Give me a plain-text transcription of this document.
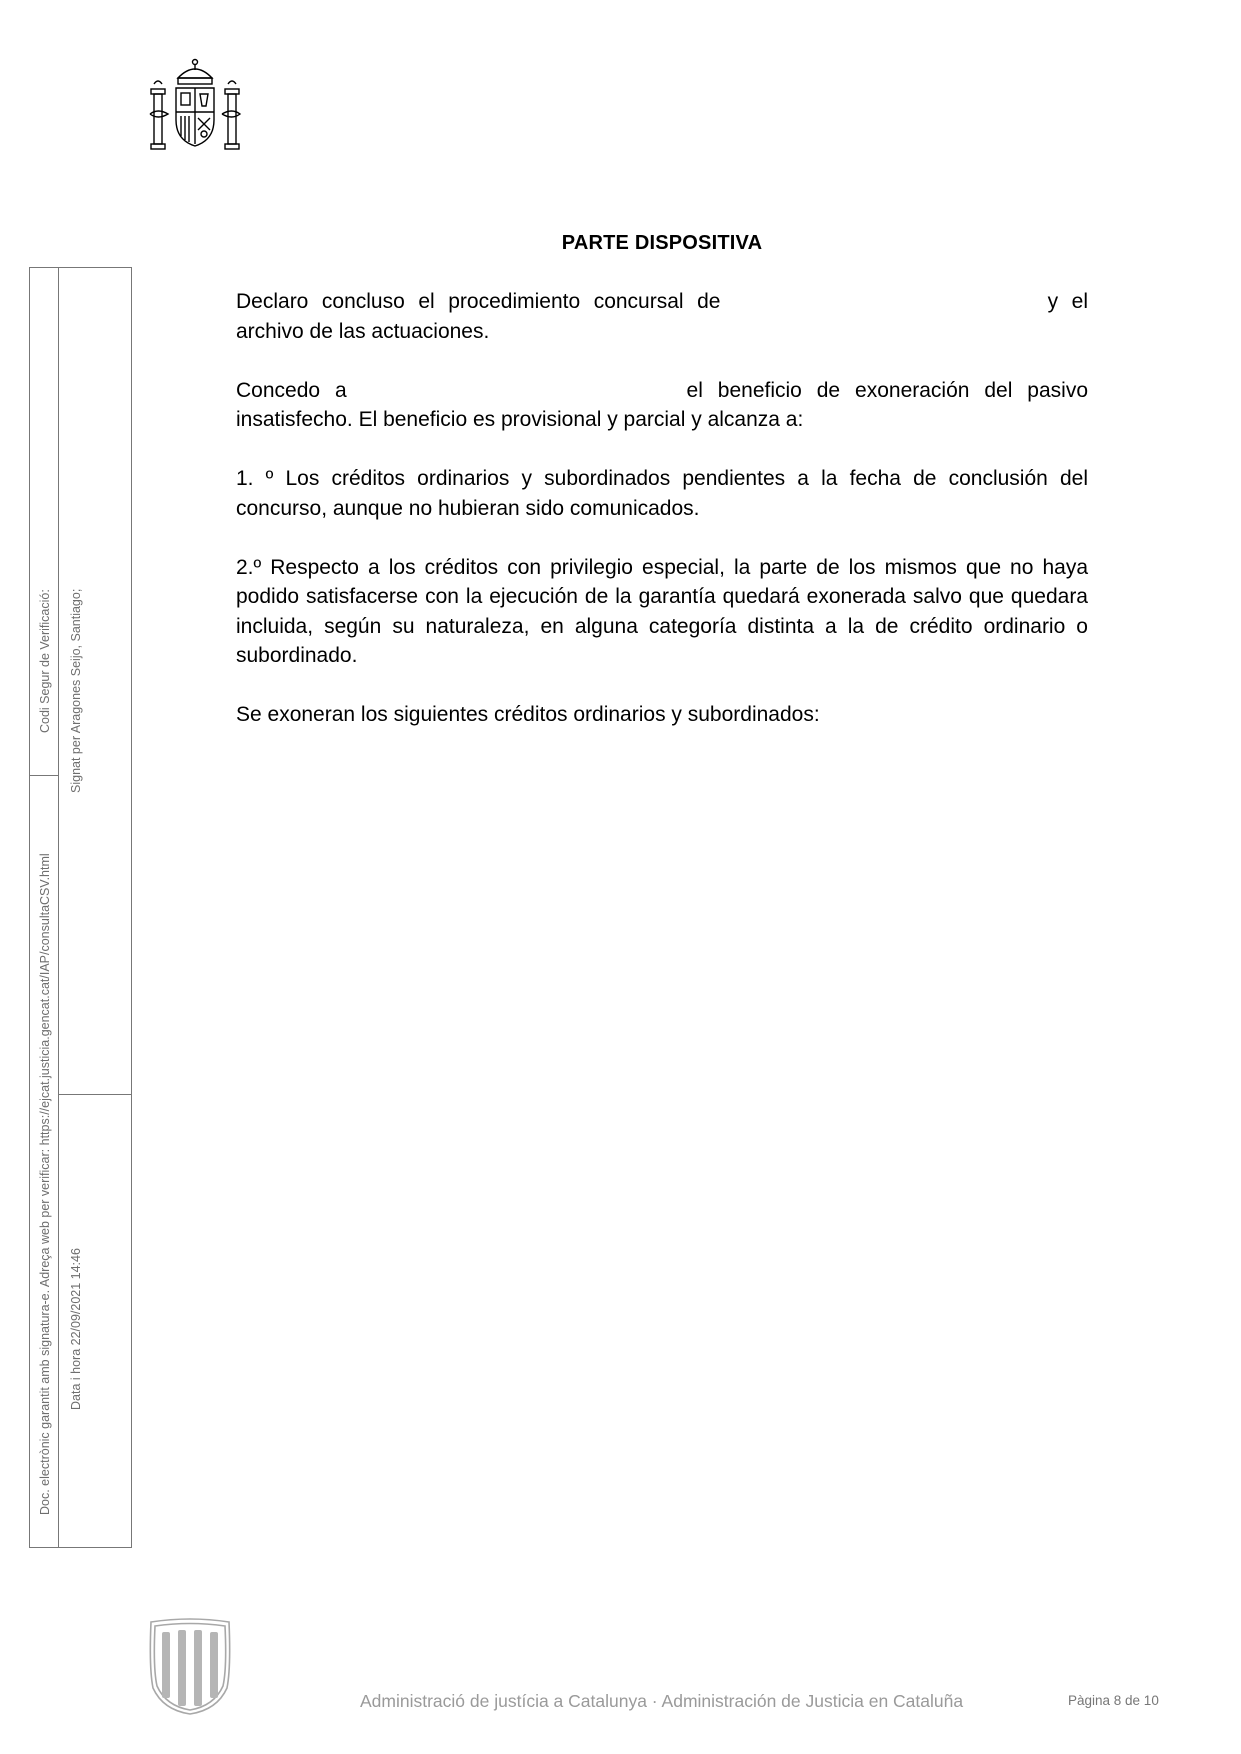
PARTE DISPOSITIVA

Declaro concluso el procedimiento concursal de	y el archivo de las actuaciones.

Concedo a	el beneficio de exoneración del pasivo insatisfecho. El beneficio es provisional y parcial y alcanza a:

1. º Los créditos ordinarios y subordinados pendientes a la fecha de conclusión del concurso, aunque no hubieran sido comunicados.

2.º Respecto a los créditos con privilegio especial, la parte de los mismos que no haya podido satisfacerse con la ejecución de la garantía quedará exonerada salvo que quedara incluida, según su naturaleza, en alguna categoría distinta a la de crédito ordinario o subordinado.

Se exoneran los siguientes créditos ordinarios y subordinados:

Doc. electrònic garantit amb signatura-e. Adreça web per verificar: https://ejcat.justicia.gencat.cat/IAP/consultaCSV.html
Codi Segur de Verificació: Signat per Aragones Seijo, Santiago;
Data i hora 22/09/2021 14:46
Administració de justícia a Catalunya · Administración de Justicia en Cataluña	Pàgina 8 de 10
